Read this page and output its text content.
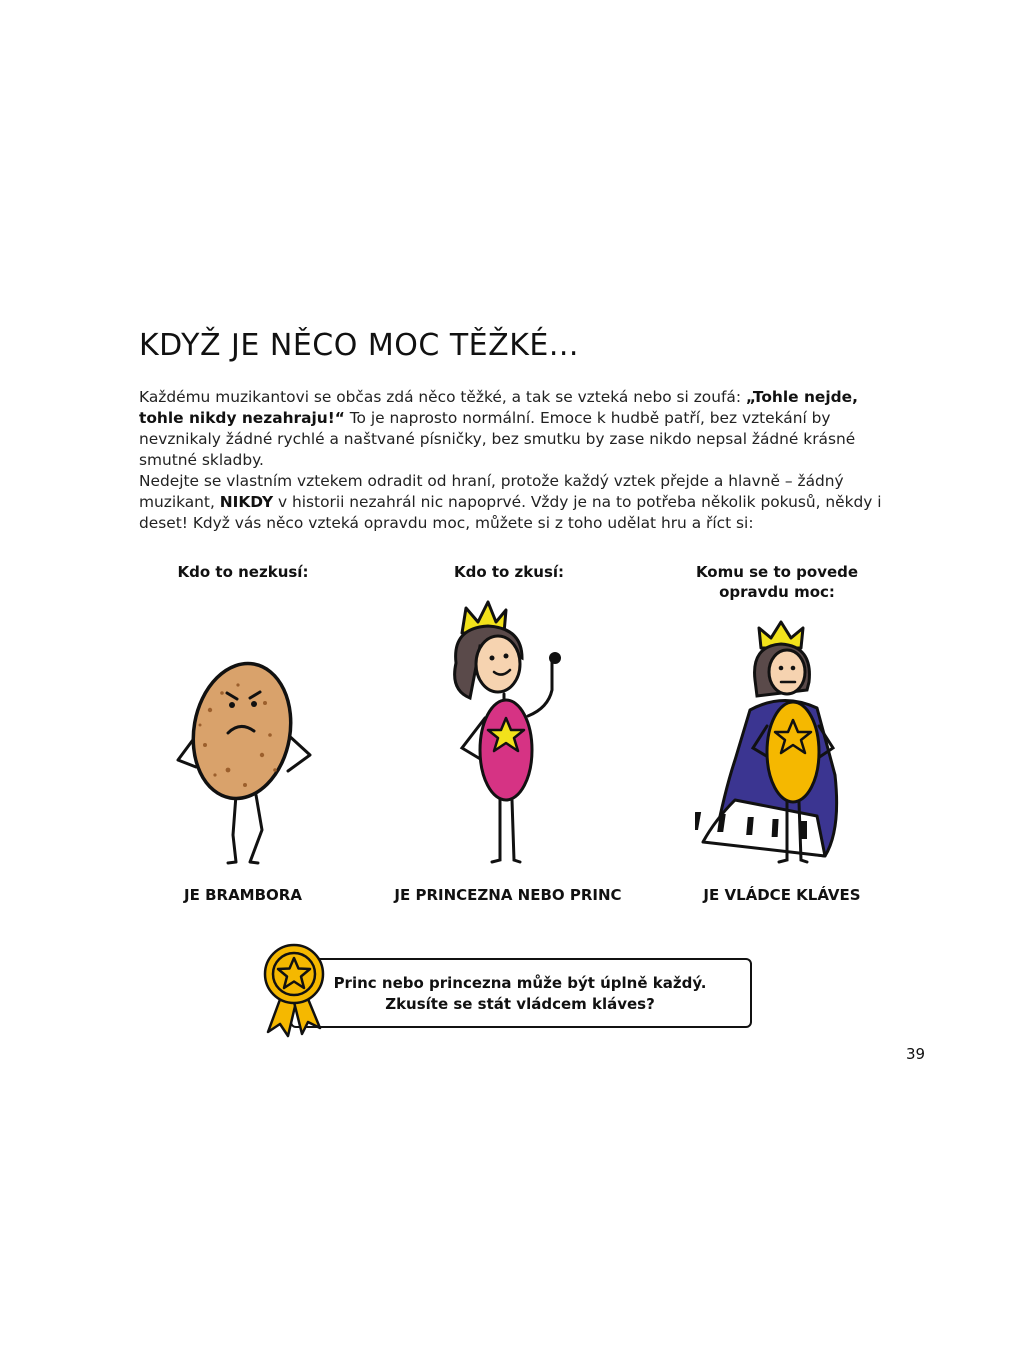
KDYŽ JE NĚCO MOC TĚŽKÉ...

Každému muzikantovi se občas zdá něco těžké, a tak se vzteká nebo si zoufá: „Tohle nejde, tohle nikdy nezahraju!“ To je naprosto normální. Emoce k hudbě patří, bez vztekání by nevznikaly žádné rychlé a naštvané písničky, bez smutku by zase nikdo nepsal žádné krásné smutné skladby.

Nedejte se vlastním vztekem odradit od hraní, protože každý vztek přejde a hlavně – žádný muzikant, NIKDY v historii nezahrál nic napoprvé. Vždy je na to potřeba několik pokusů, někdy i deset! Když vás něco vzteká opravdu moc, můžete si z toho udělat hru a říct si:

Kdo to nezkusí:	Kdo to zkusí:	Komu se to povede
opravdu moc:
JE BRAMBORA	JE PRINCEZNA NEBO PRINC	JE VLÁDCE KLÁVES
Princ nebo princezna může být úplně každý.
Zkusíte se stát vládcem kláves?
39
